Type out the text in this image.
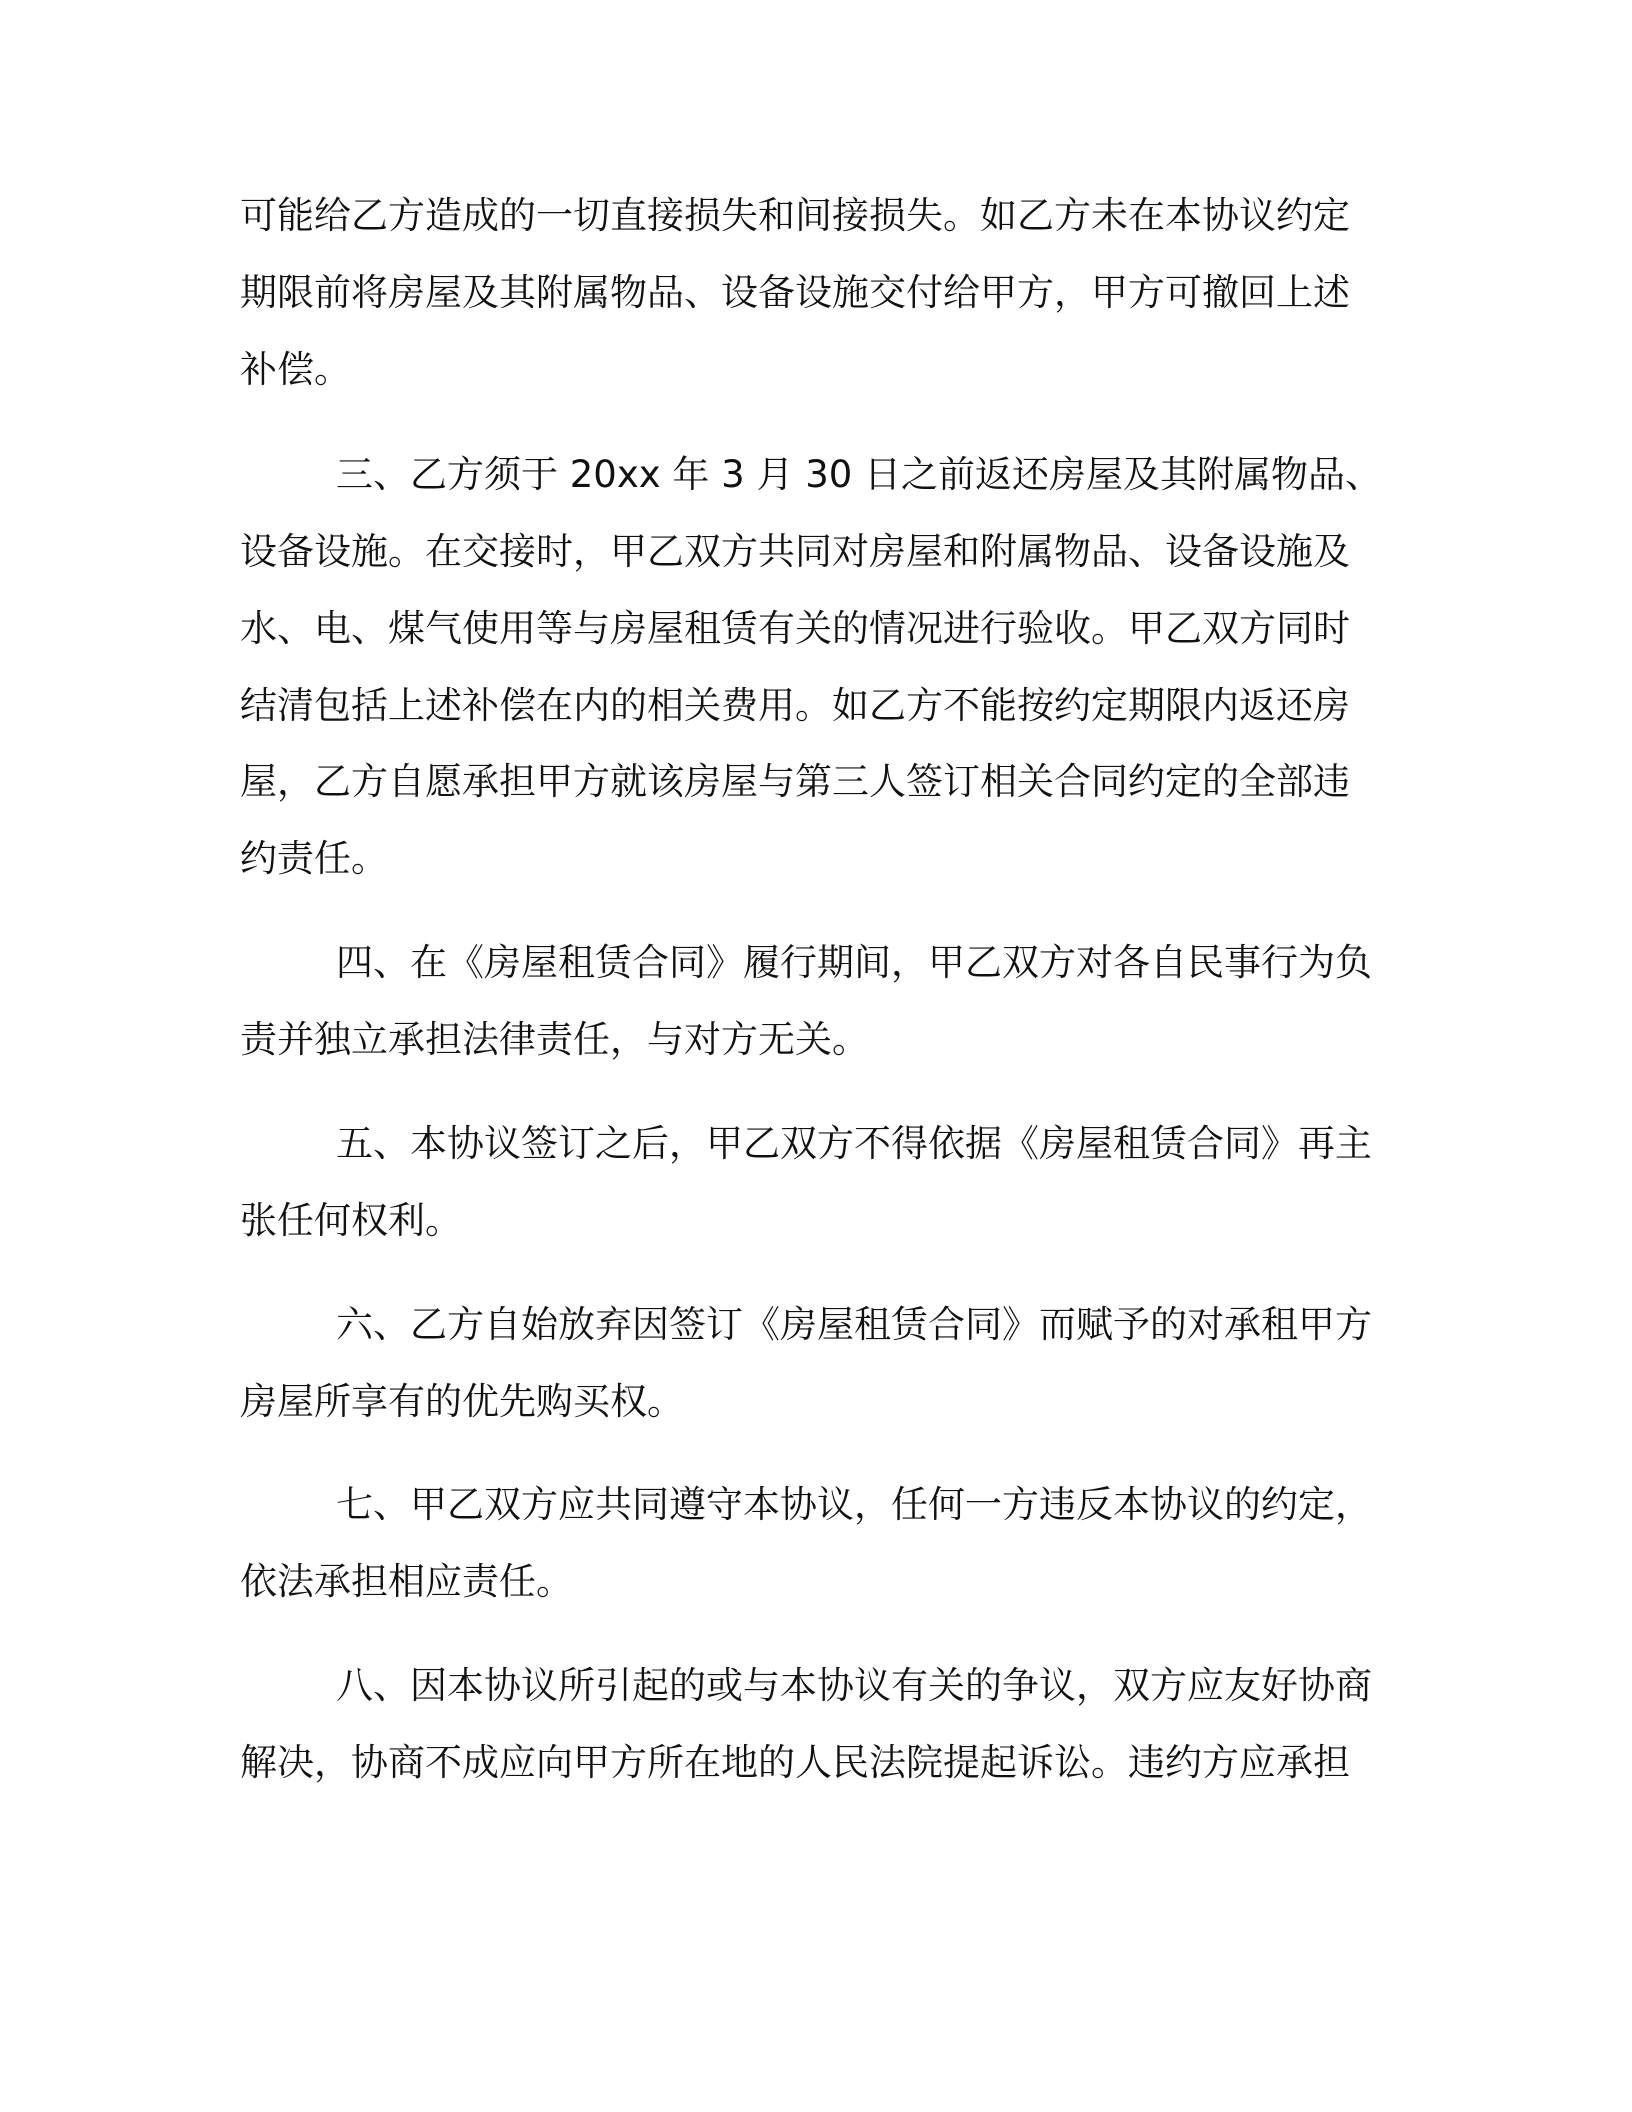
可能给乙方造成的一切直接损失和间接损失。如乙方未在本协议约定

期限前将房屋及其附属物品、设备设施交付给甲方，甲方可撤回上述

补偿。

三、乙方须于 20xx 年 3 月 30 日之前返还房屋及其附属物品、

设备设施。在交接时，甲乙双方共同对房屋和附属物品、设备设施及

水、电、煤气使用等与房屋租赁有关的情况进行验收。甲乙双方同时

结清包括上述补偿在内的相关费用。如乙方不能按约定期限内返还房

屋，乙方自愿承担甲方就该房屋与第三人签订相关合同约定的全部违

约责任。

四、在《房屋租赁合同》履行期间，甲乙双方对各自民事行为负

责并独立承担法律责任，与对方无关。

五、本协议签订之后，甲乙双方不得依据《房屋租赁合同》再主

张任何权利。

六、乙方自始放弃因签订《房屋租赁合同》而赋予的对承租甲方

房屋所享有的优先购买权。

七、甲乙双方应共同遵守本协议，任何一方违反本协议的约定，

依法承担相应责任。

八、因本协议所引起的或与本协议有关的争议，双方应友好协商

解决，协商不成应向甲方所在地的人民法院提起诉讼。违约方应承担
